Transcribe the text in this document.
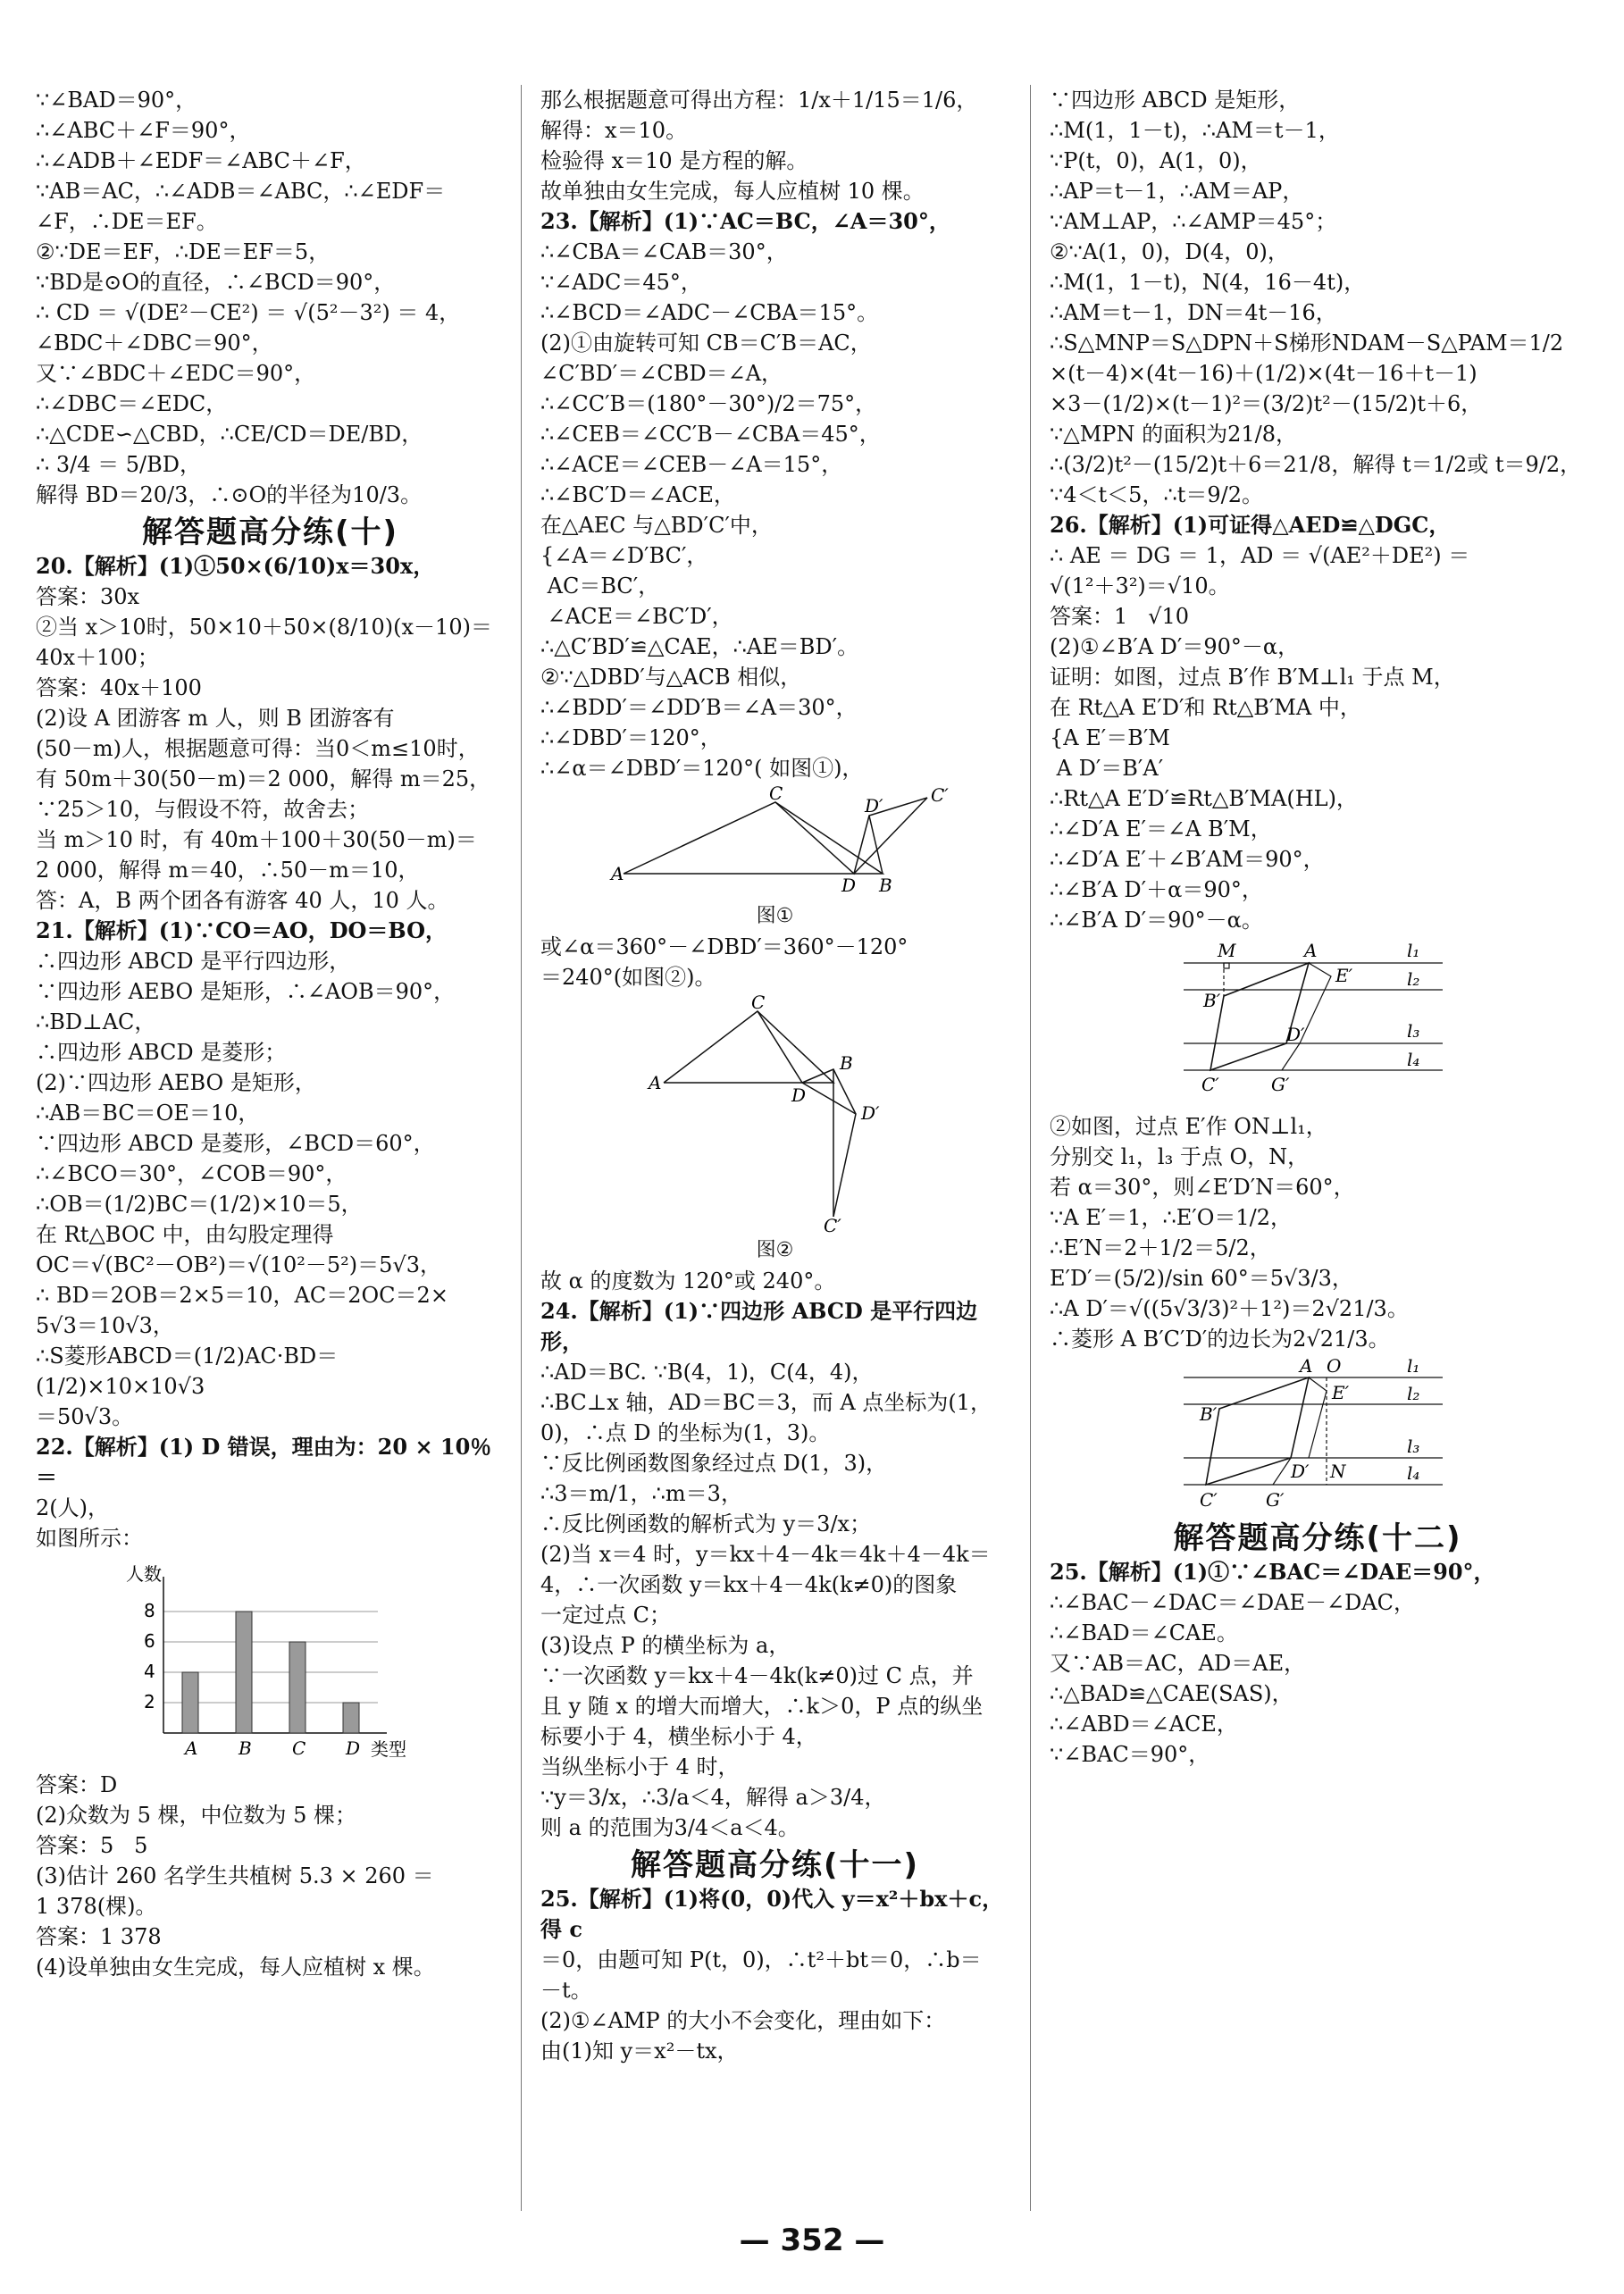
∵∠BAD＝90°，

∴∠ABC＋∠F＝90°，

∴∠ADB＋∠EDF＝∠ABC＋∠F，

∵AB＝AC，∴∠ADB＝∠ABC，∴∠EDF＝

∠F，∴DE＝EF。

②∵DE＝EF，∴DE＝EF＝5，

∵BD是⊙O的直径，∴∠BCD＝90°，

∴ CD ＝ √(DE²－CE²) ＝ √(5²－3²) ＝ 4，

∠BDC＋∠DBC＝90°，

又∵∠BDC＋∠EDC＝90°，

∴∠DBC＝∠EDC，

∴△CDE∽△CBD，∴CE/CD＝DE/BD，

∴ 3/4 ＝ 5/BD，

解得 BD＝20/3，∴⊙O的半径为10/3。

解答题高分练(十)

20.【解析】(1)①50×(6/10)x＝30x，

答案：30x

②当 x＞10时，50×10＋50×(8/10)(x－10)＝

40x＋100；

答案：40x＋100

(2)设 A 团游客 m 人，则 B 团游客有

(50－m)人，根据题意可得：当0＜m≤10时，

有 50m＋30(50－m)＝2 000，解得 m＝25，

∵25＞10，与假设不符，故舍去；

当 m＞10 时，有 40m＋100＋30(50－m)＝

2 000，解得 m＝40，∴50－m＝10，

答：A，B 两个团各有游客 40 人，10 人。

21.【解析】(1)∵CO＝AO，DO＝BO，

∴四边形 ABCD 是平行四边形，

∵四边形 AEBO 是矩形，∴∠AOB＝90°，

∴BD⊥AC，

∴四边形 ABCD 是菱形；

(2)∵四边形 AEBO 是矩形，

∴AB＝BC＝OE＝10，

∵四边形 ABCD 是菱形，∠BCD＝60°，

∴∠BCO＝30°，∠COB＝90°，

∴OB＝(1/2)BC＝(1/2)×10＝5，

在 Rt△BOC 中，由勾股定理得

OC＝√(BC²－OB²)＝√(10²－5²)＝5√3，

∴ BD＝2OB＝2×5＝10，AC＝2OC＝2×

5√3＝10√3，

∴S菱形ABCD＝(1/2)AC·BD＝(1/2)×10×10√3

＝50√3。

22.【解析】(1) D 错误，理由为：20 × 10％ ＝

2(人)，

如图所示：

2
4
6
8
A B C D
人数
类型

答案：D

(2)众数为 5 棵，中位数为 5 棵；

答案：5   5

(3)估计 260 名学生共植树 5.3 × 260 ＝

1 378(棵)。

答案：1 378

(4)设单独由女生完成，每人应植树 x 棵。

那么根据题意可得出方程：1/x＋1/15＝1/6，

解得：x＝10。

检验得 x＝10 是方程的解。

故单独由女生完成，每人应植树 10 棵。

23.【解析】(1)∵AC＝BC，∠A＝30°，

∴∠CBA＝∠CAB＝30°，

∵∠ADC＝45°，

∴∠BCD＝∠ADC－∠CBA＝15°。

(2)①由旋转可知 CB＝C′B＝AC，

∠C′BD′＝∠CBD＝∠A，

∴∠CC′B＝(180°－30°)/2＝75°，

∴∠CEB＝∠CC′B－∠CBA＝45°，

∴∠ACE＝∠CEB－∠A＝15°，

∴∠BC′D＝∠ACE，

在△AEC 与△BD′C′中，

{∠A＝∠D′BC′，

AC＝BC′，

∠ACE＝∠BC′D′，

∴△C′BD′≌△CAE，∴AE＝BD′。

②∵△DBD′与△ACB 相似，

∴∠BDD′＝∠DD′B＝∠A＝30°，

∴∠DBD′＝120°，

∴∠α＝∠DBD′＝120°( 如图①)，

A
C
D B
D′	C′

图①

或∠α＝360°－∠DBD′＝360°－120°

＝240°(如图②)。

A
C
D
B
D′
C′

图②

故 α 的度数为 120°或 240°。

24.【解析】(1)∵四边形 ABCD 是平行四边形，

∴AD＝BC. ∵B(4，1)，C(4，4)，

∴BC⊥x 轴，AD＝BC＝3，而 A 点坐标为(1，

0)，∴点 D 的坐标为(1，3)。

∵反比例函数图象经过点 D(1，3)，

∴3＝m/1，∴m＝3，

∴反比例函数的解析式为 y＝3/x；

(2)当 x＝4 时，y＝kx＋4－4k＝4k＋4－4k＝

4，∴一次函数 y＝kx＋4－4k(k≠0)的图象

一定过点 C；

(3)设点 P 的横坐标为 a，

∵一次函数 y＝kx＋4－4k(k≠0)过 C 点，并

且 y 随 x 的增大而增大，∴k＞0，P 点的纵坐

标要小于 4，横坐标小于 4，

当纵坐标小于 4 时，

∵y＝3/x，∴3/a＜4，解得 a＞3/4，

则 a 的范围为3/4＜a＜4。

解答题高分练(十一)

25.【解析】(1)将(0，0)代入 y＝x²＋bx＋c，得 c

＝0，由题可知 P(t，0)，∴t²＋bt＝0，∴b＝

－t。

(2)①∠AMP 的大小不会变化，理由如下：

由(1)知 y＝x²－tx，

∵四边形 ABCD 是矩形，

∴M(1，1－t)，∴AM＝t－1，

∵P(t，0)，A(1，0)，

∴AP＝t－1，∴AM＝AP，

∵AM⊥AP，∴∠AMP＝45°；

②∵A(1，0)，D(4，0)，

∴M(1，1－t)，N(4，16－4t)，

∴AM＝t－1，DN＝4t－16，

∴S△MNP＝S△DPN＋S梯形NDAM－S△PAM＝1/2

×(t－4)×(4t－16)＋(1/2)×(4t－16＋t－1)

×3－(1/2)×(t－1)²＝(3/2)t²－(15/2)t＋6，

∵△MPN 的面积为21/8，

∴(3/2)t²－(15/2)t＋6＝21/8，解得 t＝1/2或 t＝9/2，

∵4＜t＜5，∴t＝9/2。

26.【解析】(1)可证得△AED≌△DGC，

∴ AE ＝ DG ＝ 1，AD ＝ √(AE²＋DE²) ＝

√(1²＋3²)＝√10。

答案：1   √10

(2)①∠B′A D′＝90°－α，

证明：如图，过点 B′作 B′M⊥l₁ 于点 M，

在 Rt△A E′D′和 Rt△B′MA 中，

{A E′＝B′M

A D′＝B′A′

∴Rt△A E′D′≌Rt△B′MA(HL)，

∴∠D′A E′＝∠A B′M，

∴∠D′A E′＋∠B′AM＝90°，

∴∠B′A D′＋α＝90°，

∴∠B′A D′＝90°－α。

M	A
E′
B′
D′
C′	G′
l₁
l₂
l₃
l₄

②如图，过点 E′作 ON⊥l₁，

分别交 l₁，l₃ 于点 O，N，

若 α＝30°，则∠E′D′N＝60°，

∵A E′＝1，∴E′O＝1/2，

∴E′N＝2＋1/2＝5/2，

E′D′＝(5/2)/sin 60°＝5√3/3，

∴A D′＝√((5√3/3)²＋1²)＝2√21/3。

∴菱形 A B′C′D′的边长为2√21/3。

A O
E′
B′
D′ N
C′	G′
l₁
l₂
l₃
l₄

解答题高分练(十二)

25.【解析】(1)①∵∠BAC＝∠DAE＝90°，

∴∠BAC－∠DAC＝∠DAE－∠DAC，

∴∠BAD＝∠CAE。

又∵AB＝AC，AD＝AE，

∴△BAD≌△CAE(SAS)，

∴∠ABD＝∠ACE，

∵∠BAC＝90°，

— 352 —
